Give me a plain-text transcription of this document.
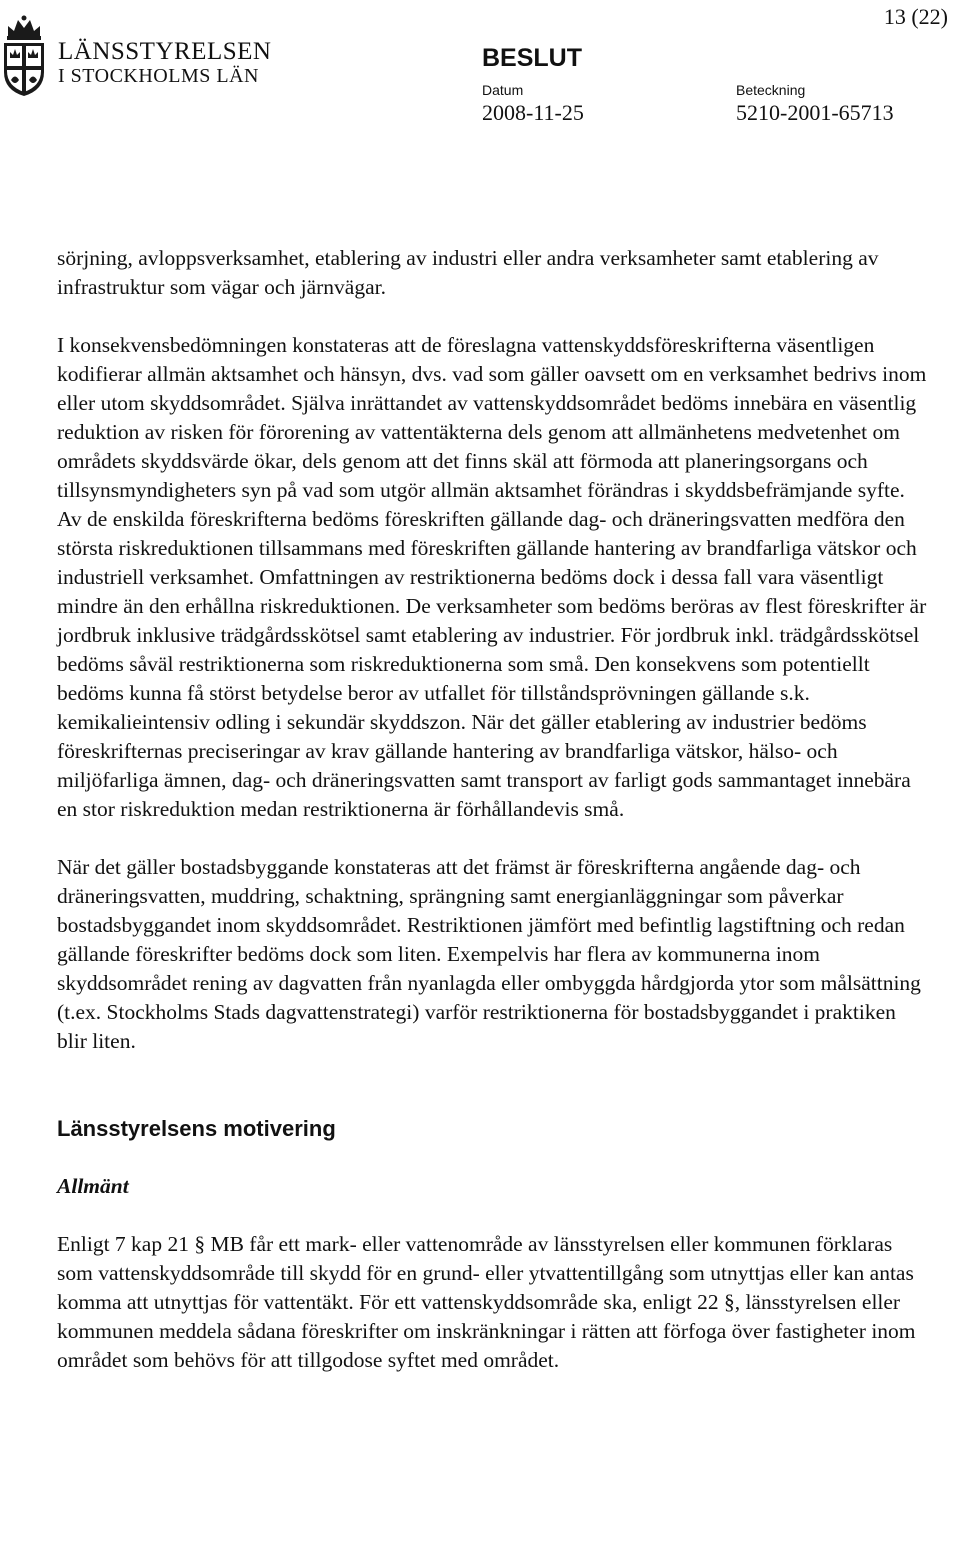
13 (22)
LÄNSSTYRELSEN
I STOCKHOLMS LÄN
BESLUT
Datum
2008-11-25
Beteckning
5210-2001-65713

sörjning, avloppsverksamhet, etablering av industri eller andra verksamheter samt etablering av infrastruktur som vägar och järnvägar.

I konsekvensbedömningen konstateras att de föreslagna vattenskyddsföreskrifterna väsentligen kodifierar allmän aktsamhet och hänsyn, dvs. vad som gäller oavsett om en verksamhet bedrivs inom eller utom skyddsområdet. Själva inrättandet av vattenskyddsområdet bedöms innebära en väsentlig reduktion av risken för förorening av vattentäkterna dels genom att allmänhetens medvetenhet om områdets skyddsvärde ökar, dels genom att det finns skäl att förmoda att planeringsorgans och tillsynsmyndigheters syn på vad som utgör allmän aktsamhet förändras i skyddsbefrämjande syfte. Av de enskilda föreskrifterna bedöms föreskriften gällande dag- och dräneringsvatten medföra den största riskreduktionen tillsammans med föreskriften gällande hantering av brandfarliga vätskor och industriell verksamhet. Omfattningen av restriktionerna bedöms dock i dessa fall vara väsentligt mindre än den erhållna riskreduktionen. De verksamheter som bedöms beröras av flest föreskrifter är jordbruk inklusive trädgårdsskötsel samt etablering av industrier. För jordbruk inkl. trädgårdsskötsel bedöms såväl restriktionerna som riskreduktionerna som små. Den konsekvens som potentiellt bedöms kunna få störst betydelse beror av utfallet för tillståndsprövningen gällande s.k. kemikalieintensiv odling i sekundär skyddszon. När det gäller etablering av industrier bedöms föreskrifternas preciseringar av krav gällande hantering av brandfarliga vätskor, hälso- och miljöfarliga ämnen, dag- och dräneringsvatten samt transport av farligt gods sammantaget innebära en stor riskreduktion medan restriktionerna är förhållandevis små.

När det gäller bostadsbyggande konstateras att det främst är föreskrifterna angående dag- och dräneringsvatten, muddring, schaktning, sprängning samt energianläggningar som påverkar bostadsbyggandet inom skyddsområdet. Restriktionen jämfört med befintlig lagstiftning och redan gällande föreskrifter bedöms dock som liten. Exempelvis har flera av kommunerna inom skyddsområdet rening av dagvatten från nyanlagda eller ombyggda hårdgjorda ytor som målsättning (t.ex. Stockholms Stads dagvattenstrategi) varför restriktionerna för bostadsbyggandet i praktiken blir liten.

Länsstyrelsens motivering
Allmänt

Enligt 7 kap 21 § MB får ett mark- eller vattenområde av länsstyrelsen eller kommunen förklaras som vattenskyddsområde till skydd för en grund- eller ytvattentillgång som utnyttjas eller kan antas komma att utnyttjas för vattentäkt. För ett vattenskyddsområde ska, enligt 22 §, länsstyrelsen eller kommunen meddela sådana föreskrifter om inskränkningar i rätten att förfoga över fastigheter inom området som behövs för att tillgodose syftet med området.
